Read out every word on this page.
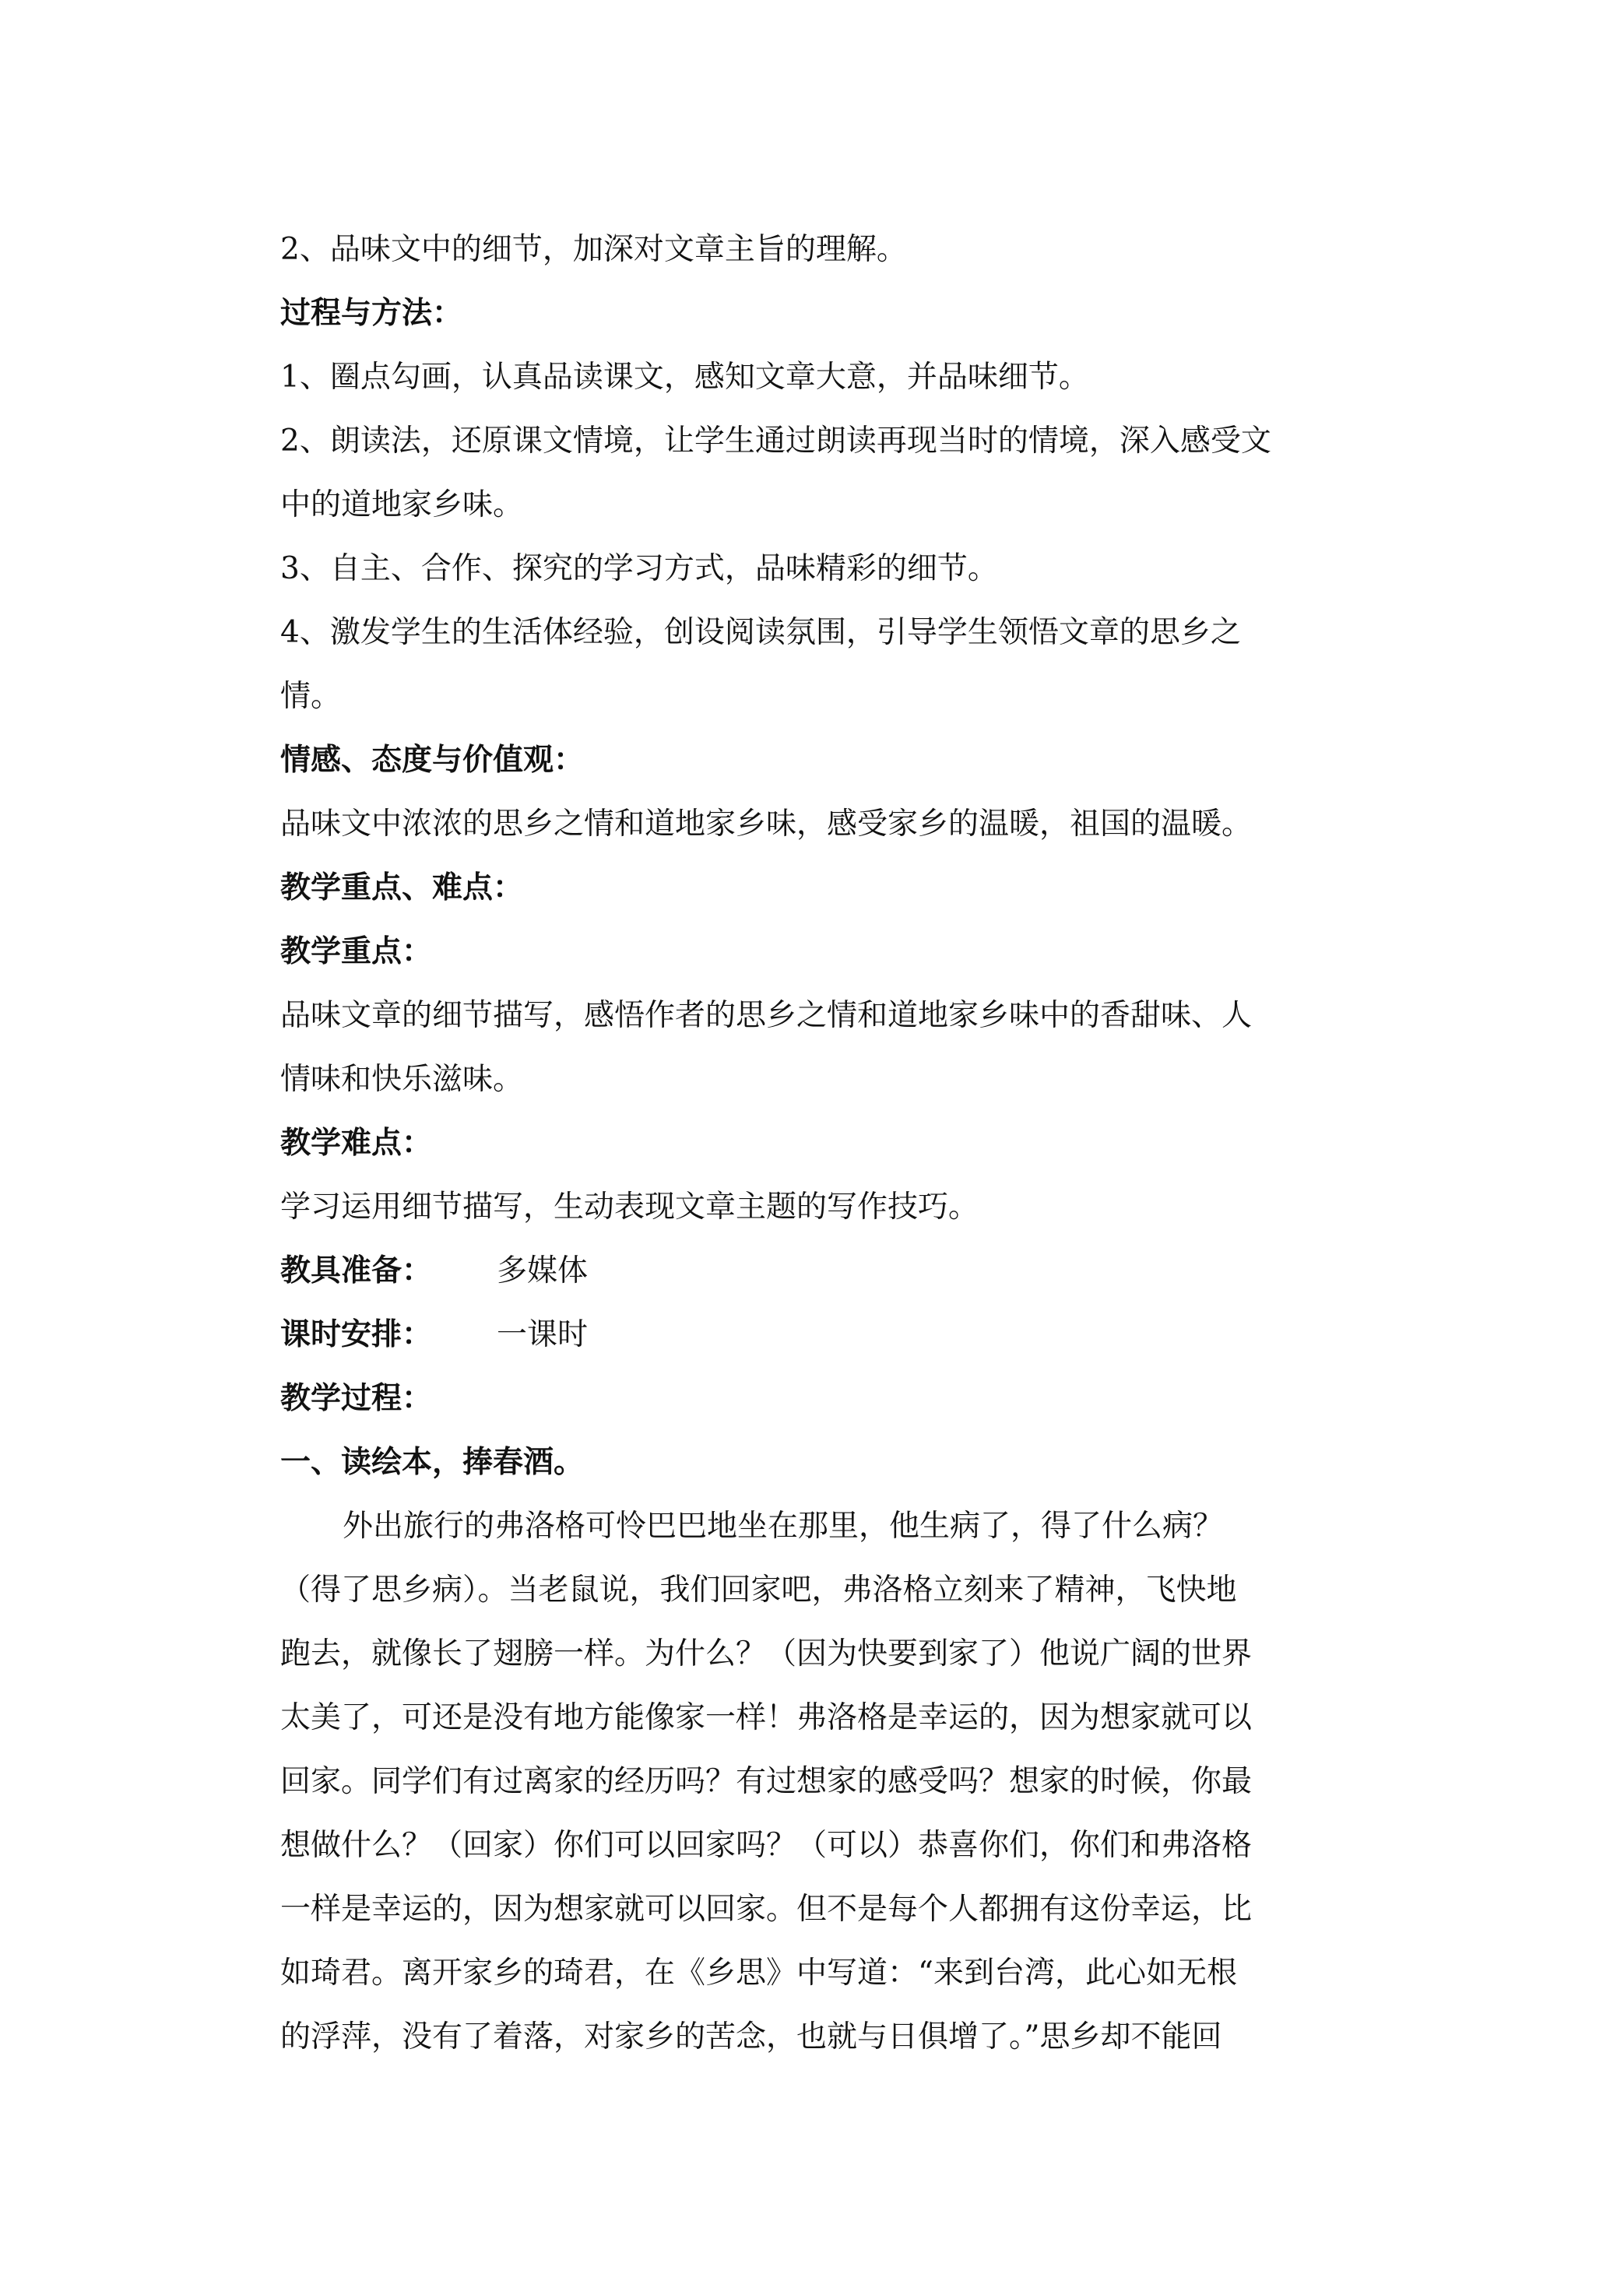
2、品味文中的细节，加深对文章主旨的理解。

过程与方法：

1、圈点勾画，认真品读课文，感知文章大意，并品味细节。

2、朗读法，还原课文情境，让学生通过朗读再现当时的情境，深入感受文

中的道地家乡味。

3、自主、合作、探究的学习方式，品味精彩的细节。

4、激发学生的生活体经验，创设阅读氛围，引导学生领悟文章的思乡之

情。

情感、态度与价值观：

品味文中浓浓的思乡之情和道地家乡味，感受家乡的温暖，祖国的温暖。

教学重点、难点：

教学重点：

品味文章的细节描写，感悟作者的思乡之情和道地家乡味中的香甜味、人

情味和快乐滋味。

教学难点：

学习运用细节描写，生动表现文章主题的写作技巧。

教具准备： 多媒体

课时安排： 一课时

教学过程：

一、读绘本，捧春酒。

外出旅行的弗洛格可怜巴巴地坐在那里，他生病了，得了什么病？

（得了思乡病）。当老鼠说，我们回家吧，弗洛格立刻来了精神，飞快地

跑去，就像长了翅膀一样。为什么？（因为快要到家了）他说广阔的世界

太美了，可还是没有地方能像家一样！弗洛格是幸运的，因为想家就可以

回家。同学们有过离家的经历吗？有过想家的感受吗？想家的时候，你最

想做什么？（回家）你们可以回家吗？（可以）恭喜你们，你们和弗洛格

一样是幸运的，因为想家就可以回家。但不是每个人都拥有这份幸运，比

如琦君。离开家乡的琦君，在《乡思》中写道：“来到台湾，此心如无根

的浮萍，没有了着落，对家乡的苦念，也就与日俱增了。”思乡却不能回
